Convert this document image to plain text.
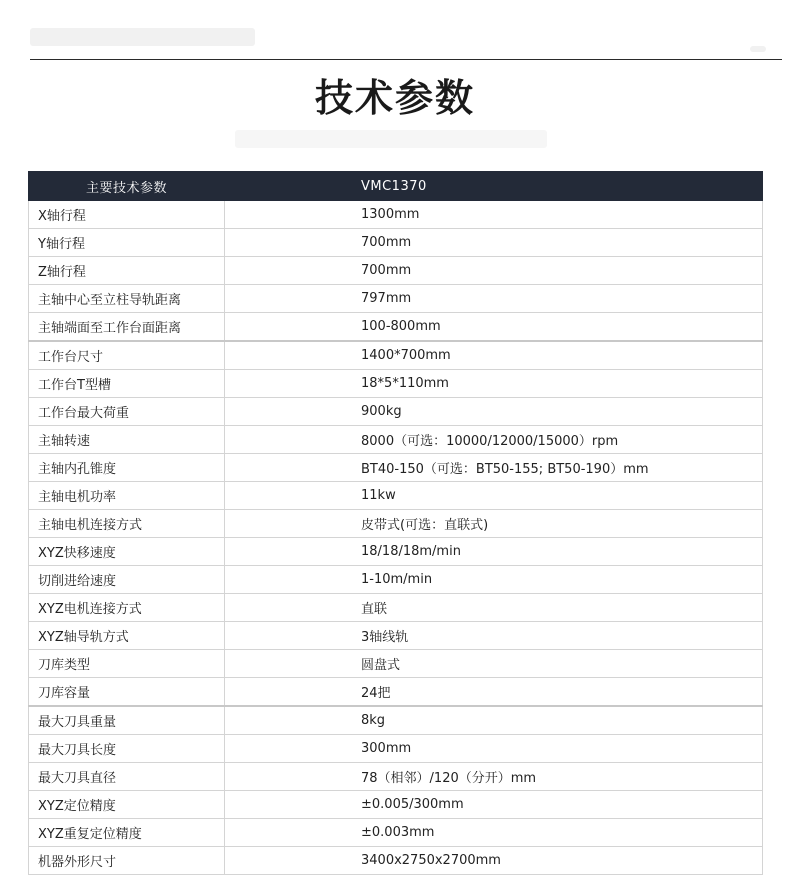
技术参数
主要技术参数	VMC1370
X轴行程	1300mm
Y轴行程	700mm
Z轴行程	700mm
主轴中心至立柱导轨距离	797mm
主轴端面至工作台面距离	100-800mm
工作台尺寸	1400*700mm
工作台T型槽	18*5*110mm
工作台最大荷重	900kg
主轴转速	8000（可选：10000/12000/15000）rpm
主轴内孔锥度	BT40-150（可选：BT50-155; BT50-190）mm
主轴电机功率	11kw
主轴电机连接方式	皮带式(可选：直联式)
XYZ快移速度	18/18/18m/min
切削进给速度	1-10m/min
XYZ电机连接方式	直联
XYZ轴导轨方式	3轴线轨
刀库类型	圆盘式
刀库容量	24把
最大刀具重量	8kg
最大刀具长度	300mm
最大刀具直径	78（相邻）/120（分开）mm
XYZ定位精度	±0.005/300mm
XYZ重复定位精度	±0.003mm
机器外形尺寸	3400x2750x2700mm
